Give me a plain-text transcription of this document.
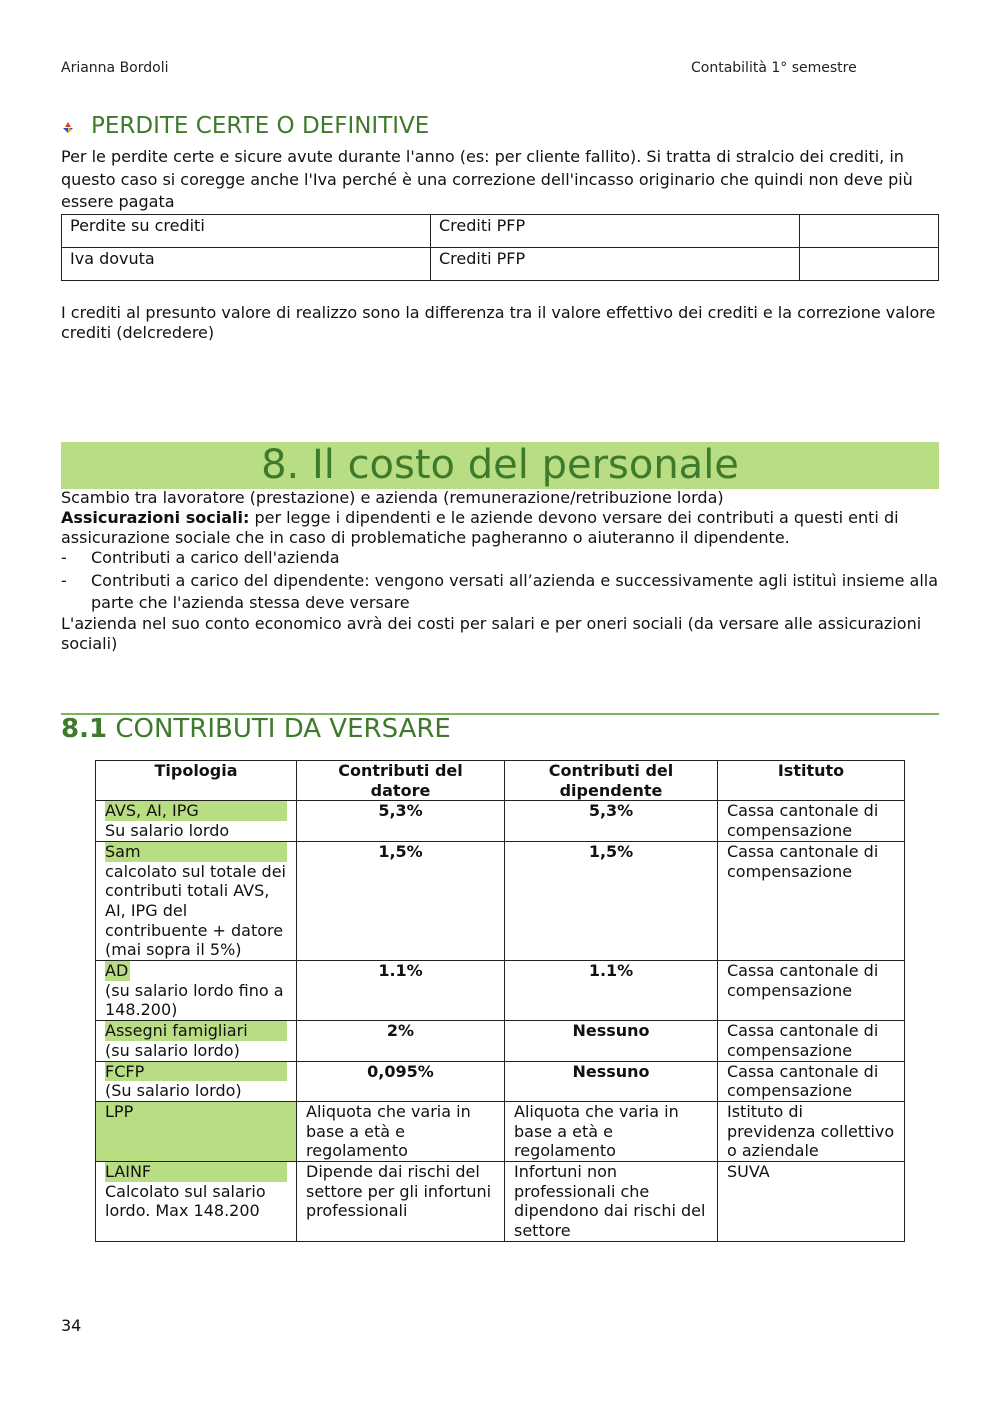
Arianna Bordoli	Contabilità 1° semestre
PERDITE CERTE O DEFINITIVE

Per le perdite certe e sicure avute durante l'anno (es: per cliente fallito). Si tratta di stralcio dei crediti, in questo caso si coregge anche l'Iva perché è una correzione dell'incasso originario che quindi non deve più essere pagata

Perdite su crediti	Crediti PFP	
Iva dovuta	Crediti PFP	

I crediti al presunto valore di realizzo sono la differenza tra il valore effettivo dei crediti e la correzione valore crediti (delcredere)

8. Il costo del personale

Scambio tra lavoratore (prestazione) e azienda (remunerazione/retribuzione lorda)

Assicurazioni sociali: per legge i dipendenti e le aziende devono versare dei contributi a questi enti di assicurazione sociale che in caso di problematiche pagheranno o aiuteranno il dipendente.

- Contributi a carico dell'azienda
- Contributi a carico del dipendente: vengono versati all’azienda e successivamente agli istituì insieme alla parte che l'azienda stessa deve versare

L'azienda nel suo conto economico avrà dei costi per salari e per oneri sociali (da versare alle assicurazioni sociali)

8.1 CONTRIBUTI DA VERSARE
Tipologia	Contributi del datore	Contributi del dipendente	Istituto

AVS, AI, IPG
Su salario lordo	5,3%	5,3%	Cassa cantonale di compensazione

Sam
calcolato sul totale dei contributi totali AVS, AI, IPG del contribuente + datore (mai sopra il 5%)	1,5%	1,5%	Cassa cantonale di compensazione

AD
(su salario lordo fino a 148.200)	1.1%	1.1%	Cassa cantonale di compensazione

Assegni famigliari
(su salario lordo)	2%	Nessuno	Cassa cantonale di compensazione

FCFP
(Su salario lordo)	0,095%	Nessuno	Cassa cantonale di compensazione
LPP	Aliquota che varia in base a età e regolamento	Aliquota che varia in base a età e regolamento	Istituto di previdenza collettivo o aziendale

LAINF
Calcolato sul salario lordo. Max 148.200	Dipende dai rischi del settore per gli infortuni professionali	Infortuni non professionali che dipendono dai rischi del settore	SUVA
34
